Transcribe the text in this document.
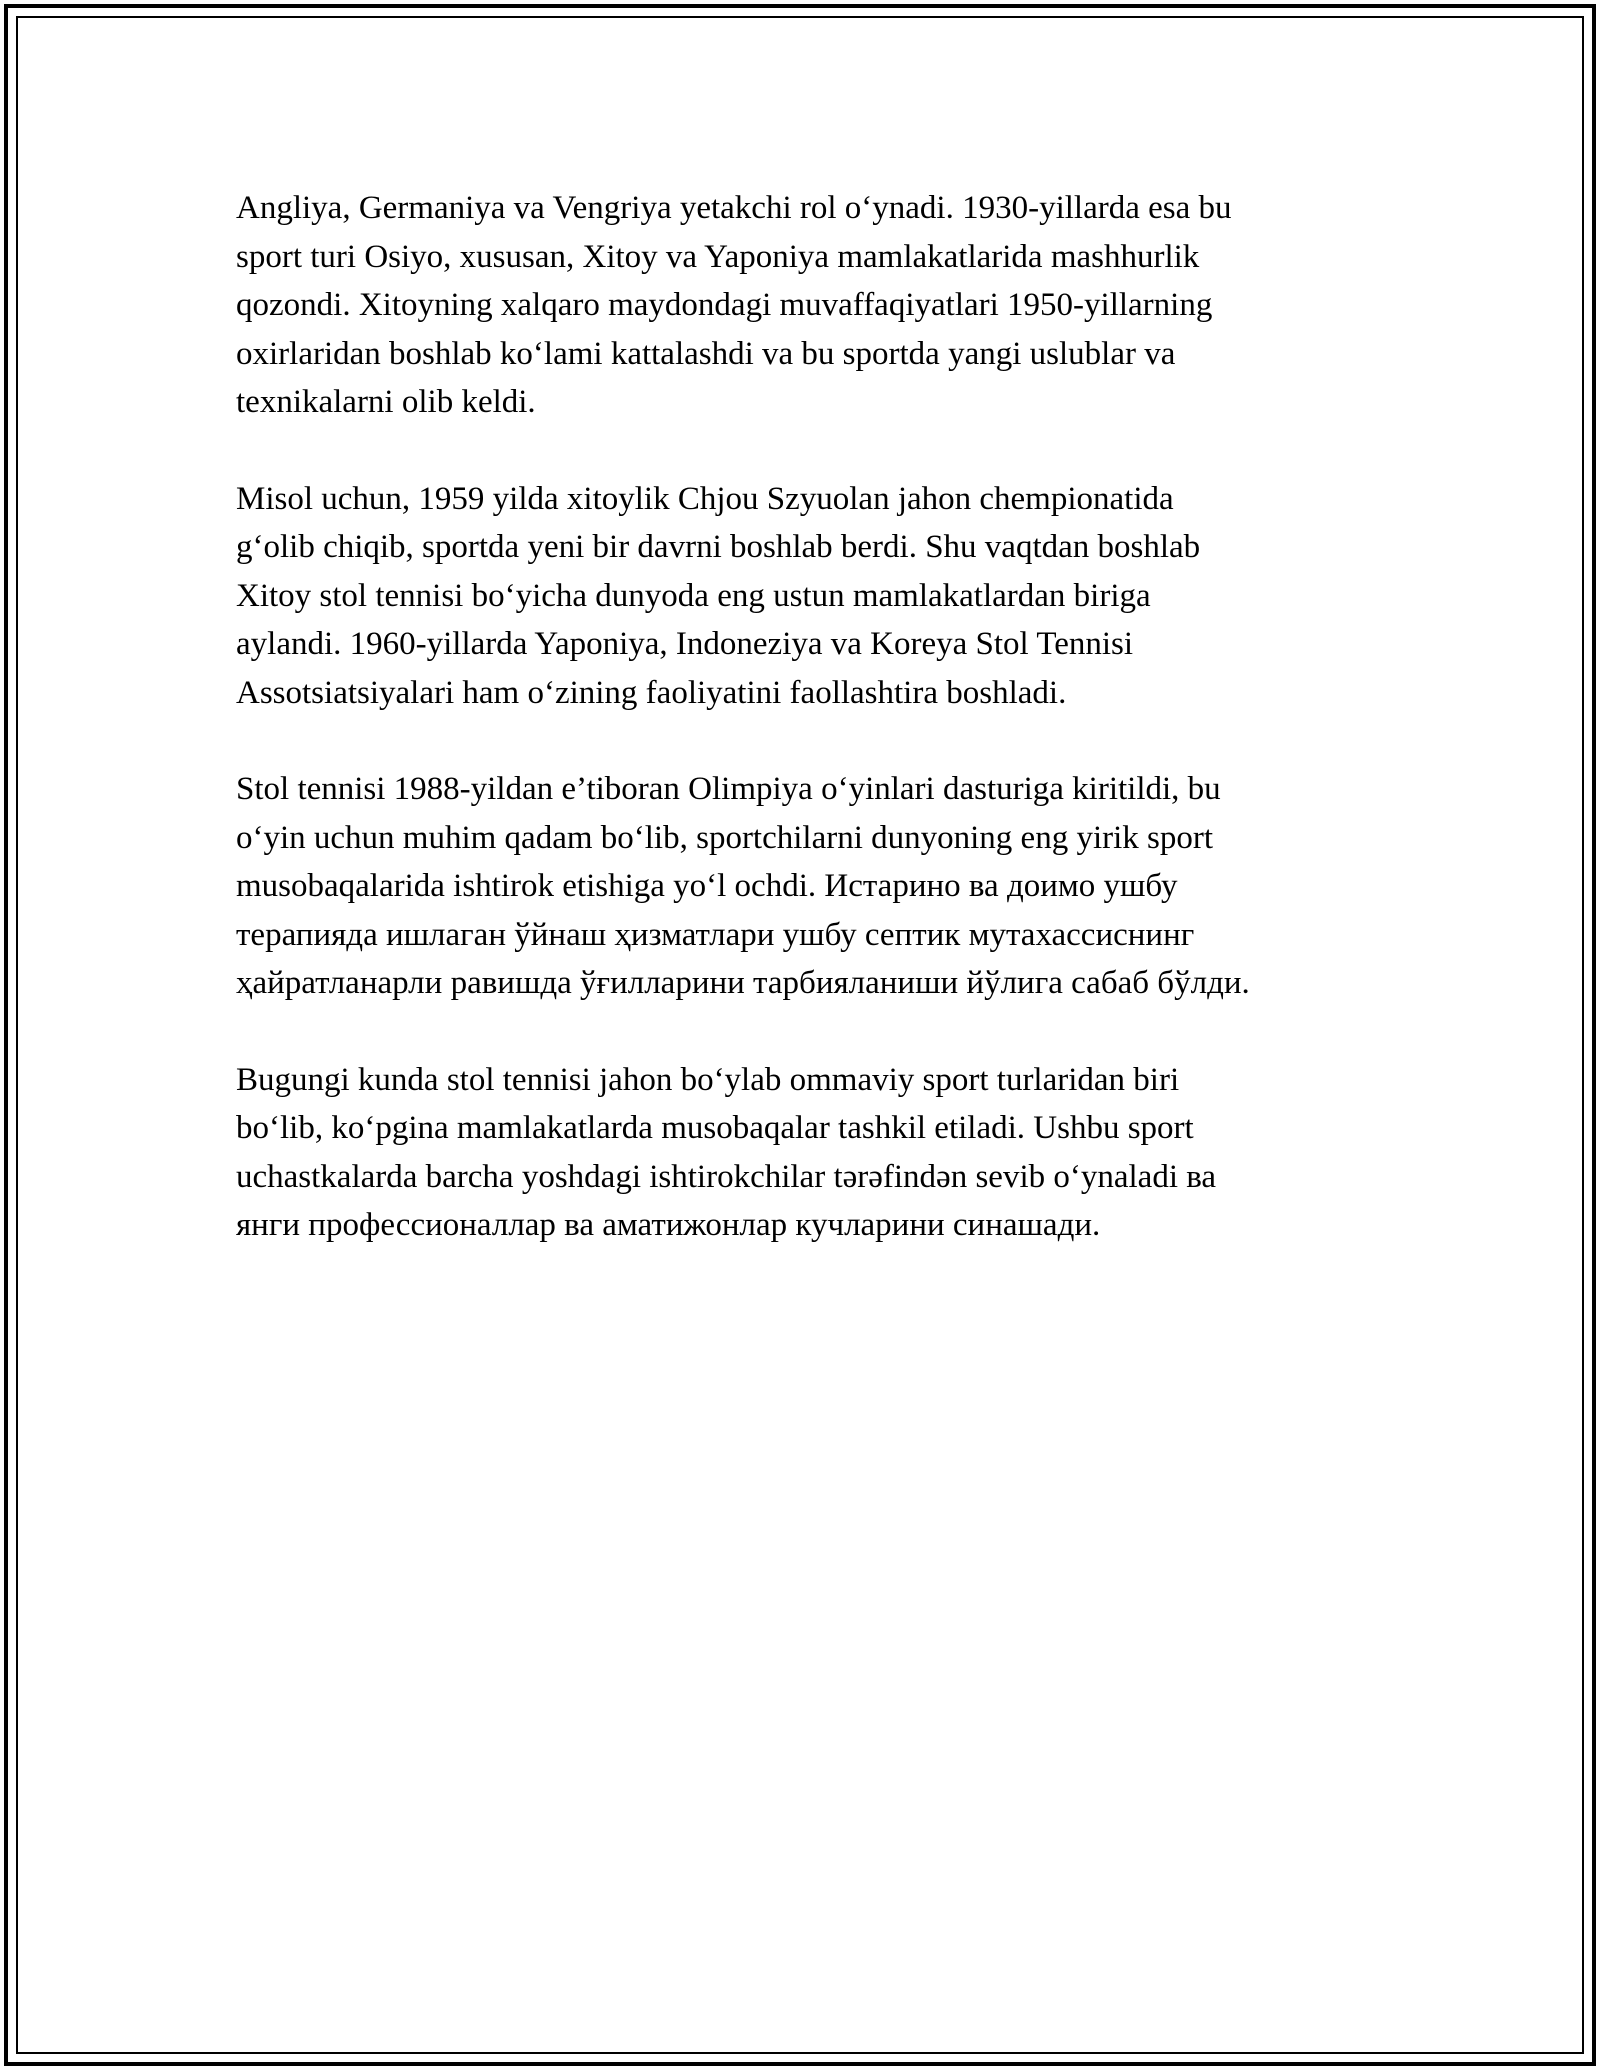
Angliya, Germaniya va Vengriya yetakchi rol oʻynadi. 1930-yillarda esa bu
sport turi Osiyo, xususan, Xitoy va Yaponiya mamlakatlarida mashhurlik
qozondi. Xitoyning xalqaro maydondagi muvaffaqiyatlari 1950-yillarning
oxirlaridan boshlab koʻlami kattalashdi va bu sportda yangi uslublar va
texnikalarni olib keldi.

Misol uchun, 1959 yilda xitoylik Chjou Szyuolan jahon chempionatida
gʻolib chiqib, sportda yeni bir davrni boshlab berdi. Shu vaqtdan boshlab
Xitoy stol tennisi boʻyicha dunyoda eng ustun mamlakatlardan biriga
aylandi. 1960-yillarda Yaponiya, Indoneziya va Koreya Stol Tennisi
Assotsiatsiyalari ham oʻzining faoliyatini faollashtira boshladi.

Stol tennisi 1988-yildan e’tiboran Olimpiya oʻyinlari dasturiga kiritildi, bu
oʻyin uchun muhim qadam boʻlib, sportchilarni dunyoning eng yirik sport
musobaqalarida ishtirok etishiga yoʻl ochdi. Истарино ва доимо ушбу
терапияда ишлаган ўйнаш ҳизматлари ушбу септик мутахассиснинг
ҳайратланарли равишда ўғилларини тарбияланиши йўлига сабаб бўлди.

Bugungi kunda stol tennisi jahon boʻylab ommaviy sport turlaridan biri
boʻlib, koʻpgina mamlakatlarda musobaqalar tashkil etiladi. Ushbu sport
uchastkalarda barcha yoshdagi ishtirokchilar tərəfindən sevib oʻynaladi ва
янги профессионаллар ва аматижонлар кучларини синашади.
